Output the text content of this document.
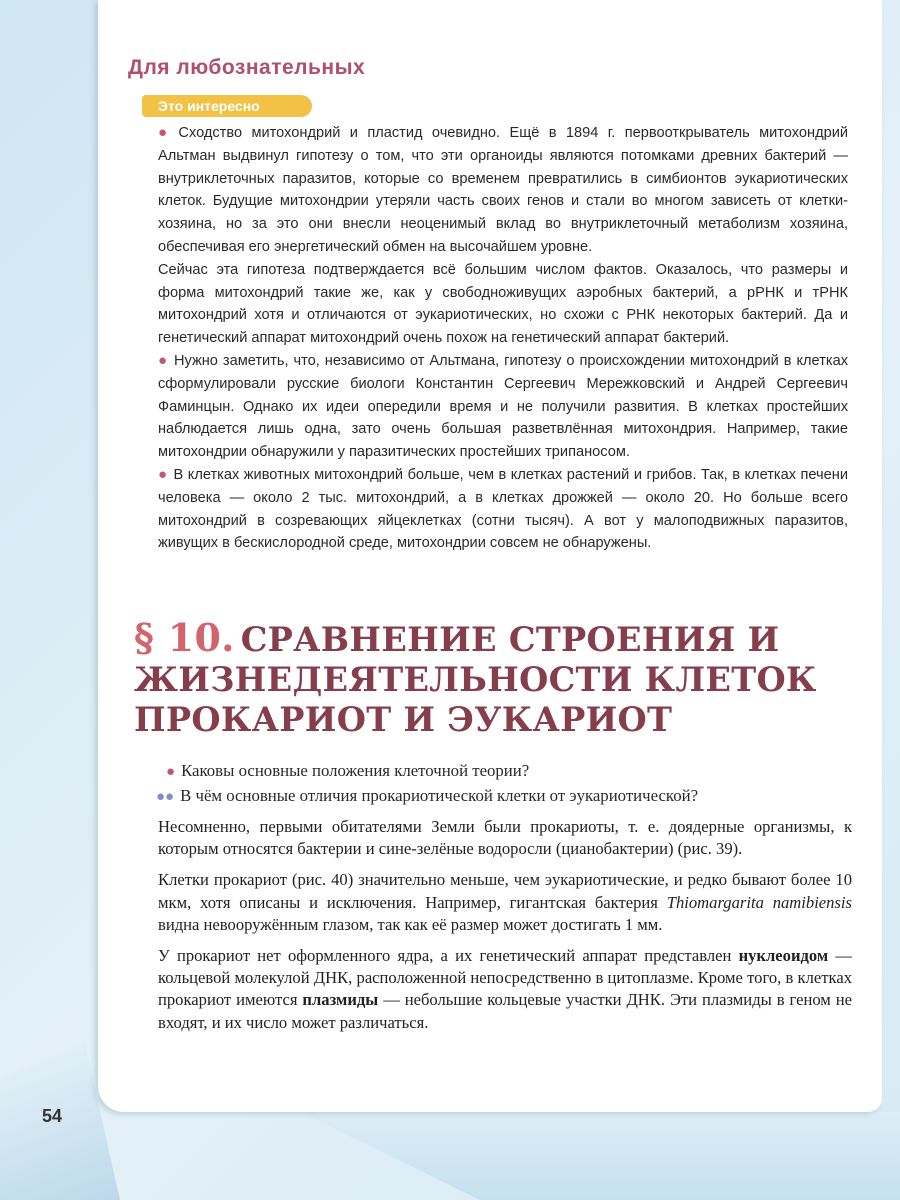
Для любознательных
Это интересно

● Сходство митохондрий и пластид очевидно. Ещё в 1894 г. первооткрыватель митохондрий Альтман выдвинул гипотезу о том, что эти органоиды являются потомками древних бактерий — внутриклеточных паразитов, которые со временем превратились в симбионтов эукариотических клеток. Будущие митохондрии утеряли часть своих генов и стали во многом зависеть от клетки-хозяина, но за это они внесли неоценимый вклад во внутриклеточный метаболизм хозяина, обеспечивая его энергетический обмен на высочайшем уровне.

Сейчас эта гипотеза подтверждается всё большим числом фактов. Оказалось, что размеры и форма митохондрий такие же, как у свободноживущих аэробных бактерий, а рРНК и тРНК митохондрий хотя и отличаются от эукариотических, но схожи с РНК некоторых бактерий. Да и генетический аппарат митохондрий очень похож на генетический аппарат бактерий.

● Нужно заметить, что, независимо от Альтмана, гипотезу о происхождении митохондрий в клетках сформулировали русские биологи Константин Сергеевич Мережковский и Андрей Сергеевич Фаминцын. Однако их идеи опередили время и не получили развития. В клетках простейших наблюдается лишь одна, зато очень большая разветвлённая митохондрия. Например, такие митохондрии обнаружили у паразитических простейших трипаносом.

● В клетках животных митохондрий больше, чем в клетках растений и грибов. Так, в клетках печени человека — около 2 тыс. митохондрий, а в клетках дрожжей — около 20. Но больше всего митохондрий в созревающих яйцеклетках (сотни тысяч). А вот у малоподвижных паразитов, живущих в бескислородной среде, митохондрии совсем не обнаружены.

§ 10. СРАВНЕНИЕ СТРОЕНИЯ И ЖИЗНЕДЕЯТЕЛЬНОСТИ КЛЕТОК ПРОКАРИОТ И ЭУКАРИОТ

● Каковы основные положения клеточной теории?

●● В чём основные отличия прокариотической клетки от эукариотической?

Несомненно, первыми обитателями Земли были прокариоты, т. е. доядерные организмы, к которым относятся бактерии и сине-зелёные водоросли (цианобактерии) (рис. 39).

Клетки прокариот (рис. 40) значительно меньше, чем эукариотические, и редко бывают более 10 мкм, хотя описаны и исключения. Например, гигантская бактерия Thiomargarita namibiensis видна невооружённым глазом, так как её размер может достигать 1 мм.

У прокариот нет оформленного ядра, а их генетический аппарат представлен нуклеоидом — кольцевой молекулой ДНК, расположенной непосредственно в цитоплазме. Кроме того, в клетках прокариот имеются плазмиды — небольшие кольцевые участки ДНК. Эти плазмиды в геном не входят, и их число может различаться.

54
